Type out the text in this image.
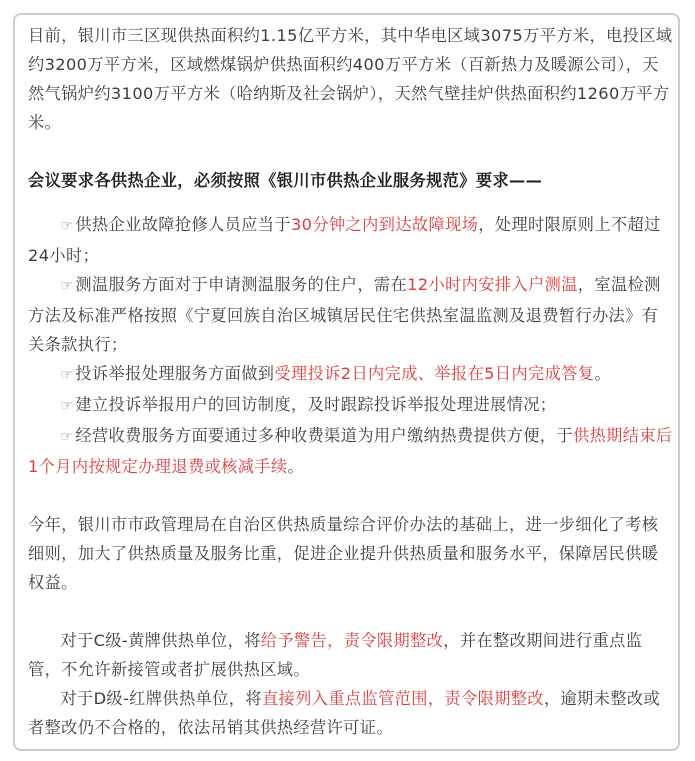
目前，银川市三区现供热面积约1.15亿平方米，其中华电区域3075万平方米，电投区域约3200万平方米，区域燃煤锅炉供热面积约400万平方米（百新热力及暖源公司），天然气锅炉约3100万平方米（哈纳斯及社会锅炉），天然气壁挂炉供热面积约1260万平方米。

会议要求各供热企业，必须按照《银川市供热企业服务规范》要求——

☞ 供热企业故障抢修人员应当于30分钟之内到达故障现场，处理时限原则上不超过24小时；

☞ 测温服务方面对于申请测温服务的住户，需在12小时内安排入户测温，室温检测方法及标准严格按照《宁夏回族自治区城镇居民住宅供热室温监测及退费暂行办法》有关条款执行；

☞ 投诉举报处理服务方面做到受理投诉2日内完成、举报在5日内完成答复。

☞ 建立投诉举报用户的回访制度，及时跟踪投诉举报处理进展情况；

☞ 经营收费服务方面要通过多种收费渠道为用户缴纳热费提供方便，于供热期结束后1个月内按规定办理退费或核减手续。

今年，银川市市政管理局在自治区供热质量综合评价办法的基础上，进一步细化了考核细则，加大了供热质量及服务比重，促进企业提升供热质量和服务水平，保障居民供暖权益。

对于C级-黄牌供热单位，将给予警告，责令限期整改，并在整改期间进行重点监管，不允许新接管或者扩展供热区域。

对于D级-红牌供热单位，将直接列入重点监管范围，责令限期整改，逾期未整改或者整改仍不合格的，依法吊销其供热经营许可证。
